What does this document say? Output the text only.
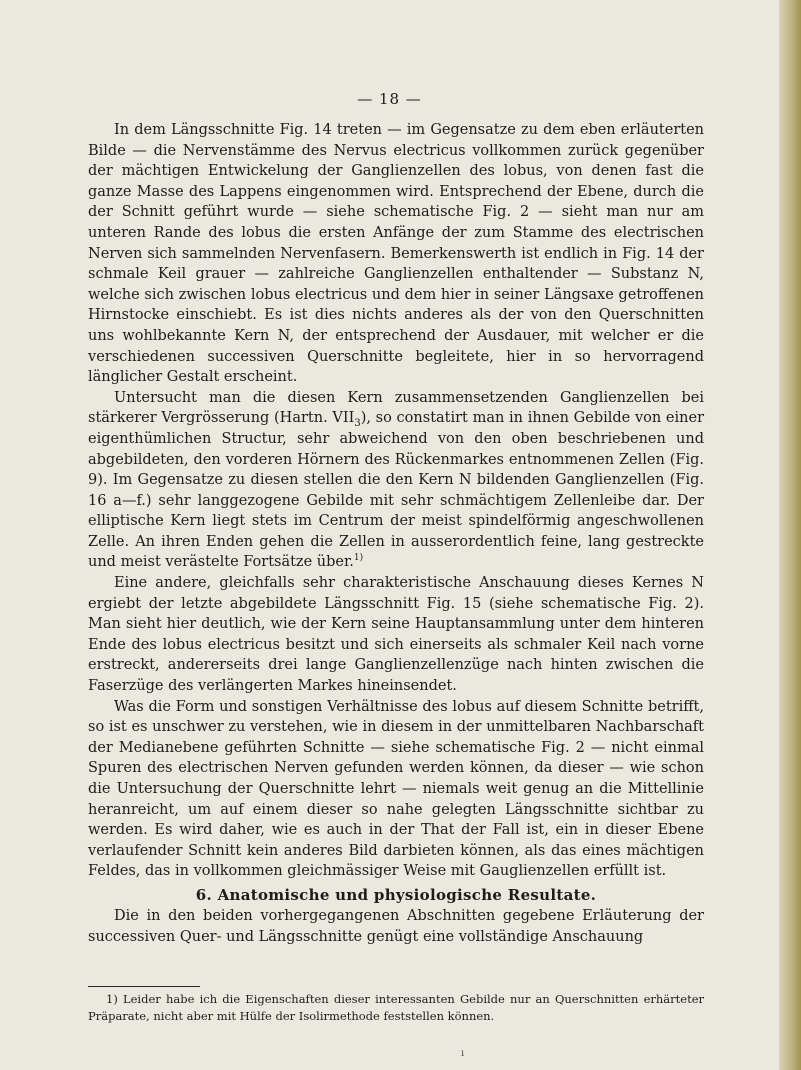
— 18 —

In dem Längsschnitte Fig. 14 treten — im Gegensatze zu dem eben erläuterten Bilde — die Nervenstämme des Nervus electricus vollkommen zurück gegenüber der mächtigen Entwickelung der Ganglienzellen des lobus, von denen fast die ganze Masse des Lappens eingenommen wird. Entsprechend der Ebene, durch die der Schnitt geführt wurde — siehe schematische Fig. 2 — sieht man nur am unteren Rande des lobus die ersten Anfänge der zum Stamme des electrischen Nerven sich sammelnden Nervenfasern. Bemerkenswerth ist endlich in Fig. 14 der schmale Keil grauer — zahlreiche Ganglienzellen enthaltender — Substanz N, welche sich zwischen lobus electricus und dem hier in seiner Längsaxe getroffenen Hirnstocke einschiebt. Es ist dies nichts anderes als der von den Querschnitten uns wohlbekannte Kern N, der entsprechend der Ausdauer, mit welcher er die verschiedenen successiven Querschnitte begleitete, hier in so hervorragend länglicher Gestalt erscheint.

Untersucht man die diesen Kern zusammensetzenden Ganglienzellen bei stärkerer Vergrösserung (Hartn. $VII_3$), so constatirt man in ihnen Gebilde von einer eigenthümlichen Structur, sehr abweichend von den oben beschriebenen und abgebildeten, den vorderen Hörnern des Rückenmarkes entnommenen Zellen (Fig. 9). Im Gegensatze zu diesen stellen die den Kern N bildenden Ganglienzellen (Fig. 16 a—f.) sehr langgezogene Gebilde mit sehr schmächtigem Zellenleibe dar. Der elliptische Kern liegt stets im Centrum der meist spindelförmig angeschwollenen Zelle. An ihren Enden gehen die Zellen in ausserordentlich feine, lang gestreckte und meist verästelte Fortsätze über.$^{1)}$

Eine andere, gleichfalls sehr charakteristische Anschauung dieses Kernes N ergiebt der letzte abgebildete Längsschnitt Fig. 15 (siehe schematische Fig. 2). Man sieht hier deutlich, wie der Kern seine Hauptansammlung unter dem hinteren Ende des lobus electricus besitzt und sich einerseits als schmaler Keil nach vorne erstreckt, andererseits drei lange Ganglienzellenzüge nach hinten zwischen die Faserzüge des verlängerten Markes hineinsendet.

Was die Form und sonstigen Verhältnisse des lobus auf diesem Schnitte betrifft, so ist es unschwer zu verstehen, wie in diesem in der unmittelbaren Nachbarschaft der Medianebene geführten Schnitte — siehe schematische Fig. 2 — nicht einmal Spuren des electrischen Nerven gefunden werden können, da dieser — wie schon die Untersuchung der Querschnitte lehrt — niemals weit genug an die Mittellinie heranreicht, um auf einem dieser so nahe gelegten Längsschnitte sichtbar zu werden. Es wird daher, wie es auch in der That der Fall ist, ein in dieser Ebene verlaufender Schnitt kein anderes Bild darbieten können, als das eines mächtigen Feldes, das in vollkommen gleichmässiger Weise mit Gauglienzellen erfüllt ist.

6. Anatomische und physiologische Resultate.

Die in den beiden vorhergegangenen Abschnitten gegebene Erläuterung der successiven Quer- und Längsschnitte genügt eine vollständige Anschauung

1) Leider habe ich die Eigenschaften dieser interessanten Gebilde nur an Querschnitten erhärteter Präparate, nicht aber mit Hülfe der Isolirmethode feststellen können.
ı
